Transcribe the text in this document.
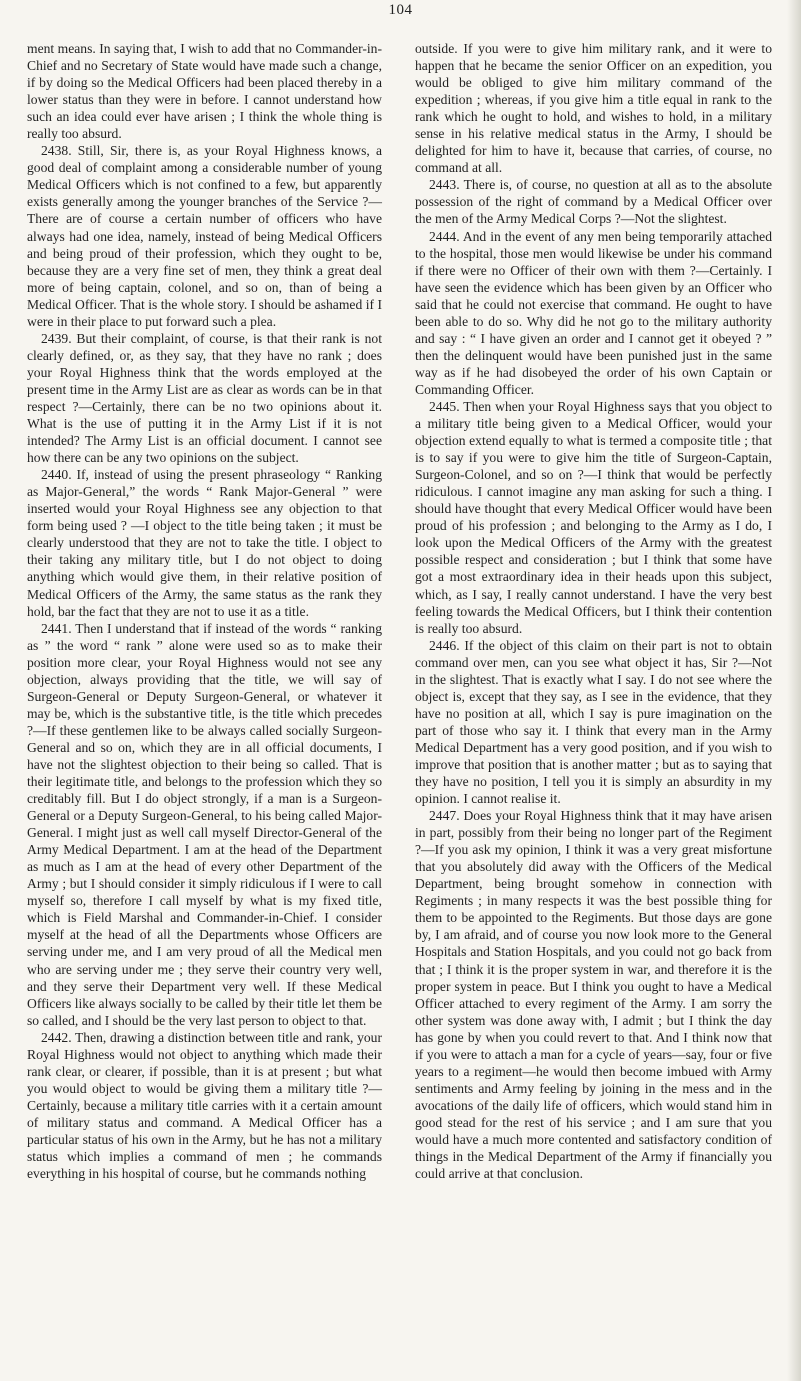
104

ment means. In saying that, I wish to add that no Commander-in-Chief and no Secretary of State would have made such a change, if by doing so the Medical Officers had been placed thereby in a lower status than they were in before. I cannot understand how such an idea could ever have arisen ; I think the whole thing is really too absurd.

2438. Still, Sir, there is, as your Royal Highness knows, a good deal of complaint among a considerable number of young Medical Officers which is not confined to a few, but apparently exists generally among the younger branches of the Service ?—There are of course a certain number of officers who have always had one idea, namely, instead of being Medical Officers and being proud of their profession, which they ought to be, because they are a very fine set of men, they think a great deal more of being captain, colonel, and so on, than of being a Medical Officer. That is the whole story. I should be ashamed if I were in their place to put forward such a plea.

2439. But their complaint, of course, is that their rank is not clearly defined, or, as they say, that they have no rank ; does your Royal Highness think that the words employed at the present time in the Army List are as clear as words can be in that respect ?—Certainly, there can be no two opinions about it. What is the use of putting it in the Army List if it is not intended? The Army List is an official document. I cannot see how there can be any two opinions on the subject.

2440. If, instead of using the present phraseology “ Ranking as Major-General,” the words “ Rank Major-General ” were inserted would your Royal Highness see any objection to that form being used ? —I object to the title being taken ; it must be clearly understood that they are not to take the title. I object to their taking any military title, but I do not object to doing anything which would give them, in their relative position of Medical Officers of the Army, the same status as the rank they hold, bar the fact that they are not to use it as a title.

2441. Then I understand that if instead of the words “ ranking as ” the word “ rank ” alone were used so as to make their position more clear, your Royal Highness would not see any objection, always providing that the title, we will say of Surgeon-General or Deputy Surgeon-General, or whatever it may be, which is the substantive title, is the title which precedes ?—If these gentlemen like to be always called socially Surgeon-General and so on, which they are in all official documents, I have not the slightest objection to their being so called. That is their legitimate title, and belongs to the profession which they so creditably fill. But I do object strongly, if a man is a Surgeon-General or a Deputy Surgeon-General, to his being called Major-General. I might just as well call myself Director-General of the Army Medical Department. I am at the head of the Department as much as I am at the head of every other Department of the Army ; but I should consider it simply ridiculous if I were to call myself so, therefore I call myself by what is my fixed title, which is Field Marshal and Commander-in-Chief. I consider myself at the head of all the Departments whose Officers are serving under me, and I am very proud of all the Medical men who are serving under me ; they serve their country very well, and they serve their Department very well. If these Medical Officers like always socially to be called by their title let them be so called, and I should be the very last person to object to that.

2442. Then, drawing a distinction between title and rank, your Royal Highness would not object to anything which made their rank clear, or clearer, if possible, than it is at present ; but what you would object to would be giving them a military title ?—Certainly, because a military title carries with it a certain amount of military status and command. A Medical Officer has a particular status of his own in the Army, but he has not a military status which implies a command of men ; he commands everything in his hospital of course, but he commands nothing

outside. If you were to give him military rank, and it were to happen that he became the senior Officer on an expedition, you would be obliged to give him military command of the expedition ; whereas, if you give him a title equal in rank to the rank which he ought to hold, and wishes to hold, in a military sense in his relative medical status in the Army, I should be delighted for him to have it, because that carries, of course, no command at all.

2443. There is, of course, no question at all as to the absolute possession of the right of command by a Medical Officer over the men of the Army Medical Corps ?—Not the slightest.

2444. And in the event of any men being temporarily attached to the hospital, those men would likewise be under his command if there were no Officer of their own with them ?—Certainly. I have seen the evidence which has been given by an Officer who said that he could not exercise that command. He ought to have been able to do so. Why did he not go to the military authority and say : “ I have given an order and I cannot get it obeyed ? ” then the delinquent would have been punished just in the same way as if he had disobeyed the order of his own Captain or Commanding Officer.

2445. Then when your Royal Highness says that you object to a military title being given to a Medical Officer, would your objection extend equally to what is termed a composite title ; that is to say if you were to give him the title of Surgeon-Captain, Surgeon-Colonel, and so on ?—I think that would be perfectly ridiculous. I cannot imagine any man asking for such a thing. I should have thought that every Medical Officer would have been proud of his profession ; and belonging to the Army as I do, I look upon the Medical Officers of the Army with the greatest possible respect and consideration ; but I think that some have got a most extraordinary idea in their heads upon this subject, which, as I say, I really cannot understand. I have the very best feeling towards the Medical Officers, but I think their contention is really too absurd.

2446. If the object of this claim on their part is not to obtain command over men, can you see what object it has, Sir ?—Not in the slightest. That is exactly what I say. I do not see where the object is, except that they say, as I see in the evidence, that they have no position at all, which I say is pure imagination on the part of those who say it. I think that every man in the Army Medical Department has a very good position, and if you wish to improve that position that is another matter ; but as to saying that they have no position, I tell you it is simply an absurdity in my opinion. I cannot realise it.

2447. Does your Royal Highness think that it may have arisen in part, possibly from their being no longer part of the Regiment ?—If you ask my opinion, I think it was a very great misfortune that you absolutely did away with the Officers of the Medical Department, being brought somehow in connection with Regiments ; in many respects it was the best possible thing for them to be appointed to the Regiments. But those days are gone by, I am afraid, and of course you now look more to the General Hospitals and Station Hospitals, and you could not go back from that ; I think it is the proper system in war, and therefore it is the proper system in peace. But I think you ought to have a Medical Officer attached to every regiment of the Army. I am sorry the other system was done away with, I admit ; but I think the day has gone by when you could revert to that. And I think now that if you were to attach a man for a cycle of years—say, four or five years to a regiment—he would then become imbued with Army sentiments and Army feeling by joining in the mess and in the avocations of the daily life of officers, which would stand him in good stead for the rest of his service ; and I am sure that you would have a much more contented and satisfactory condition of things in the Medical Department of the Army if financially you could arrive at that conclusion.
